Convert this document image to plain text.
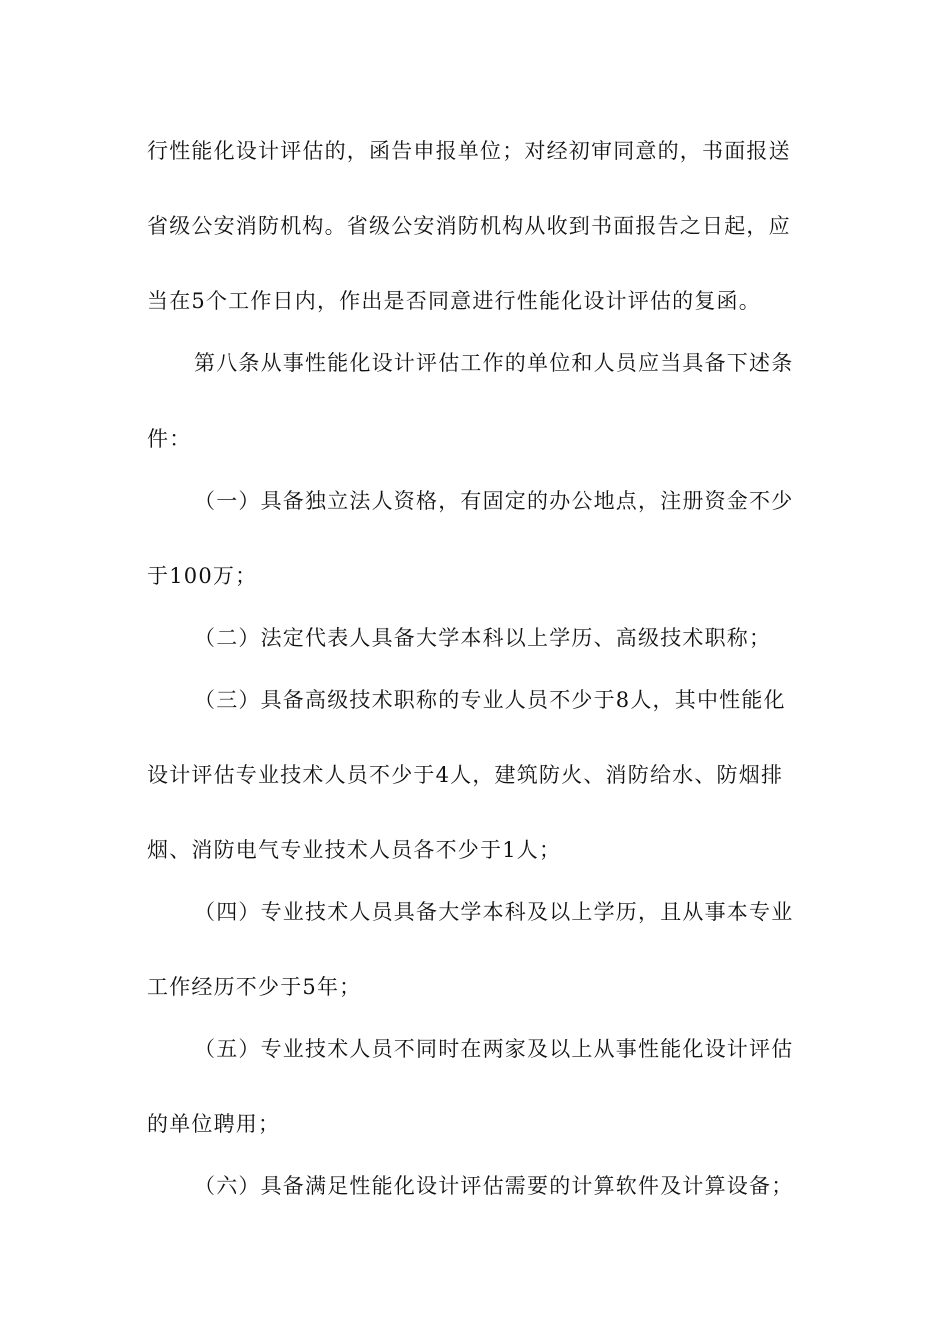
行性能化设计评估的，函告申报单位；对经初审同意的，书面报送
省级公安消防机构。省级公安消防机构从收到书面报告之日起，应
当在5个工作日内，作出是否同意进行性能化设计评估的复函。
第八条从事性能化设计评估工作的单位和人员应当具备下述条
件：
（一）具备独立法人资格，有固定的办公地点，注册资金不少
于100万；
（二）法定代表人具备大学本科以上学历、高级技术职称；
（三）具备高级技术职称的专业人员不少于8人，其中性能化
设计评估专业技术人员不少于4人，建筑防火、消防给水、防烟排
烟、消防电气专业技术人员各不少于1人；
（四）专业技术人员具备大学本科及以上学历，且从事本专业
工作经历不少于5年；
（五）专业技术人员不同时在两家及以上从事性能化设计评估
的单位聘用；
（六）具备满足性能化设计评估需要的计算软件及计算设备；
